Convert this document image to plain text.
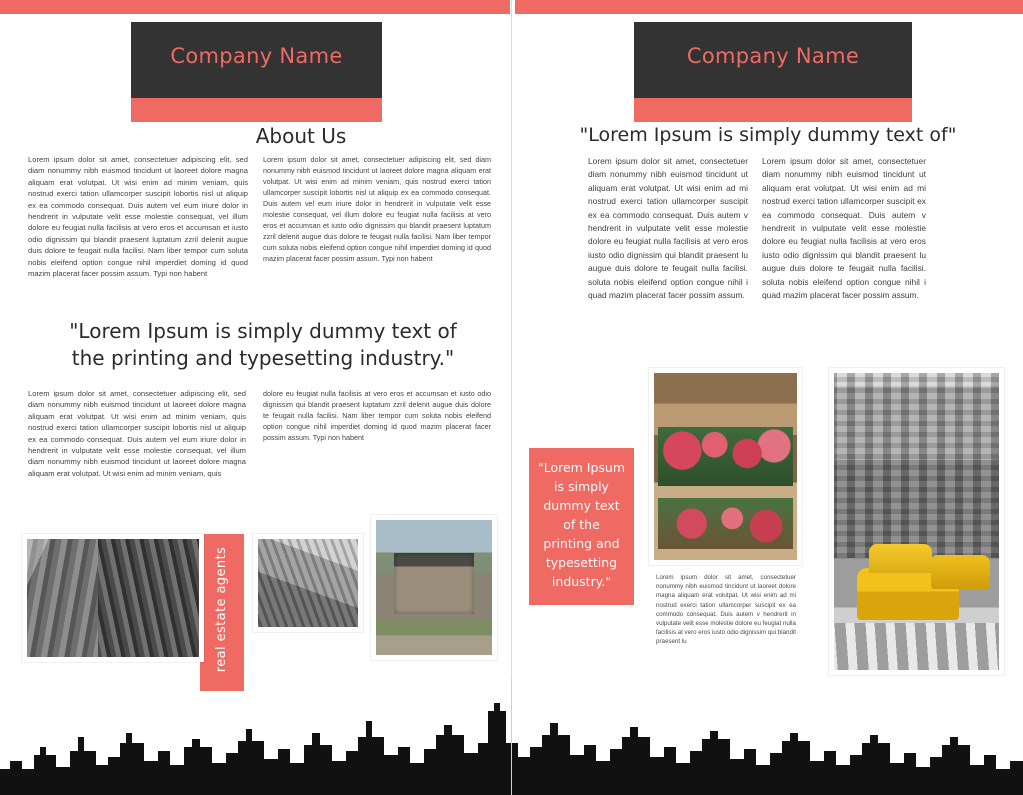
Company Name	Company Name
About Us
Lorem ipsum dolor sit amet, consectetuer adipiscing elit, sed diam nonummy nibh euismod tincidunt ut laoreet dolore magna aliquam erat volutpat. Ut wisi enim ad minim veniam, quis nostrud exerci tation ullamcorper suscipit lobortis nisl ut aliquip ex ea commodo consequat. Duis autem vel eum iriure dolor in hendrerit in vulputate velit esse molestie consequat, vel illum dolore eu feugiat nulla facilisis at vero eros et accumsan et iusto odio dignissim qui blandit praesent luptatum zzril delenit augue duis dolore te feugait nulla facilisi. Nam liber tempor cum soluta nobis eleifend option congue nihil imperdiet doming id quod mazim placerat facer possim assum. Typi non habent
Lorem ipsum dolor sit amet, consectetuer adipiscing elit, sed diam nonummy nibh euismod tincidunt ut laoreet dolore magna aliquam erat volutpat. Ut wisi enim ad minim veniam, quis nostrud exerci tation ullamcorper suscipit lobortis nisl ut aliquip ex ea commodo consequat. Duis autem vel eum iriure dolor in hendrerit in vulputate velit esse molestie consequat, vel illum dolore eu feugiat nulla facilisis at vero eros et accumsan et iusto odio dignissim qui blandit praesent luptatum zzril delenit augue duis dolore te feugait nulla facilisi. Nam liber tempor cum soluta nobis eleifend option congue nihil imperdiet doming id quod mazim placerat facer possim assum. Typi non habent
"Lorem Ipsum is simply dummy text of
the printing and typesetting industry."
Lorem ipsum dolor sit amet, consectetuer adipiscing elit, sed diam nonummy nibh euismod tincidunt ut laoreet dolore magna aliquam erat volutpat. Ut wisi enim ad minim veniam, quis nostrud exerci tation ullamcorper suscipit lobortis nisl ut aliquip ex ea commodo consequat. Duis autem vel eum iriure dolor in hendrerit in vulputate velit esse molestie consequat, vel illum diam nonummy nibh euismod tincidunt ut laoreet dolore magna aliquam erat volutpat. Ut wisi enim ad minim veniam, quis
dolore eu feugiat nulla facilisis at vero eros et accumsan et iusto odio dignissim qui blandit praesent luptatum zzril delenit augue duis dolore te feugait nulla facilisi. Nam liber tempor cum soluta nobis eleifend option congue nihil imperdiet doming id quod mazim placerat facer possim assum. Typi non habent
"Lorem Ipsum is simply dummy text of"
Lorem ipsum dolor sit amet, consectetuer diam nonummy nibh euismod tincidunt ut aliquam erat volutpat. Ut wisi enim ad mi nostrud exerci tation ullamcorper suscipit ex ea commodo consequat. Duis autem v hendrerit in vulputate velit esse molestie dolore eu feugiat nulla facilisis at vero eros iusto odio dignissim qui blandit praesent lu augue duis dolore te feugait nulla facilisi. soluta nobis eleifend option congue nihil i quad mazim placerat facer possim assum.
Lorem ipsum dolor sit amet, consectetuer diam nonummy nibh euismod tincidunt ut aliquam erat volutpat. Ut wisi enim ad mi nostrud exerci tation ullamcorper suscipit ex ea commodo consequat. Duis autem v hendrerit in vulputate velit esse molestie dolore eu feugiat nulla facilisis at vero eros iusto odio dignissim qui blandit praesent lu augue duis dolore te feugait nulla facilisi. soluta nobis eleifend option congue nihil i quad mazim placerat facer possim assum.
"Lorem Ipsum is simply dummy text of the printing and typesetting industry."
real estate agents	Lorem ipsum dolor sit amet, consectetuer nonummy nibh euismod tincidunt ut laoreet dolore magna aliquam erat volutpat. Ut wisi enim ad mi nostrud exerci tation ullamcorper suscipit ex ea commodo consequat. Duis autem v hendrerit in vulputate velit esse molestie dolore eu feugiat nulla facilisis at vero eros iusto odio dignissim qui blandit praesent lu
